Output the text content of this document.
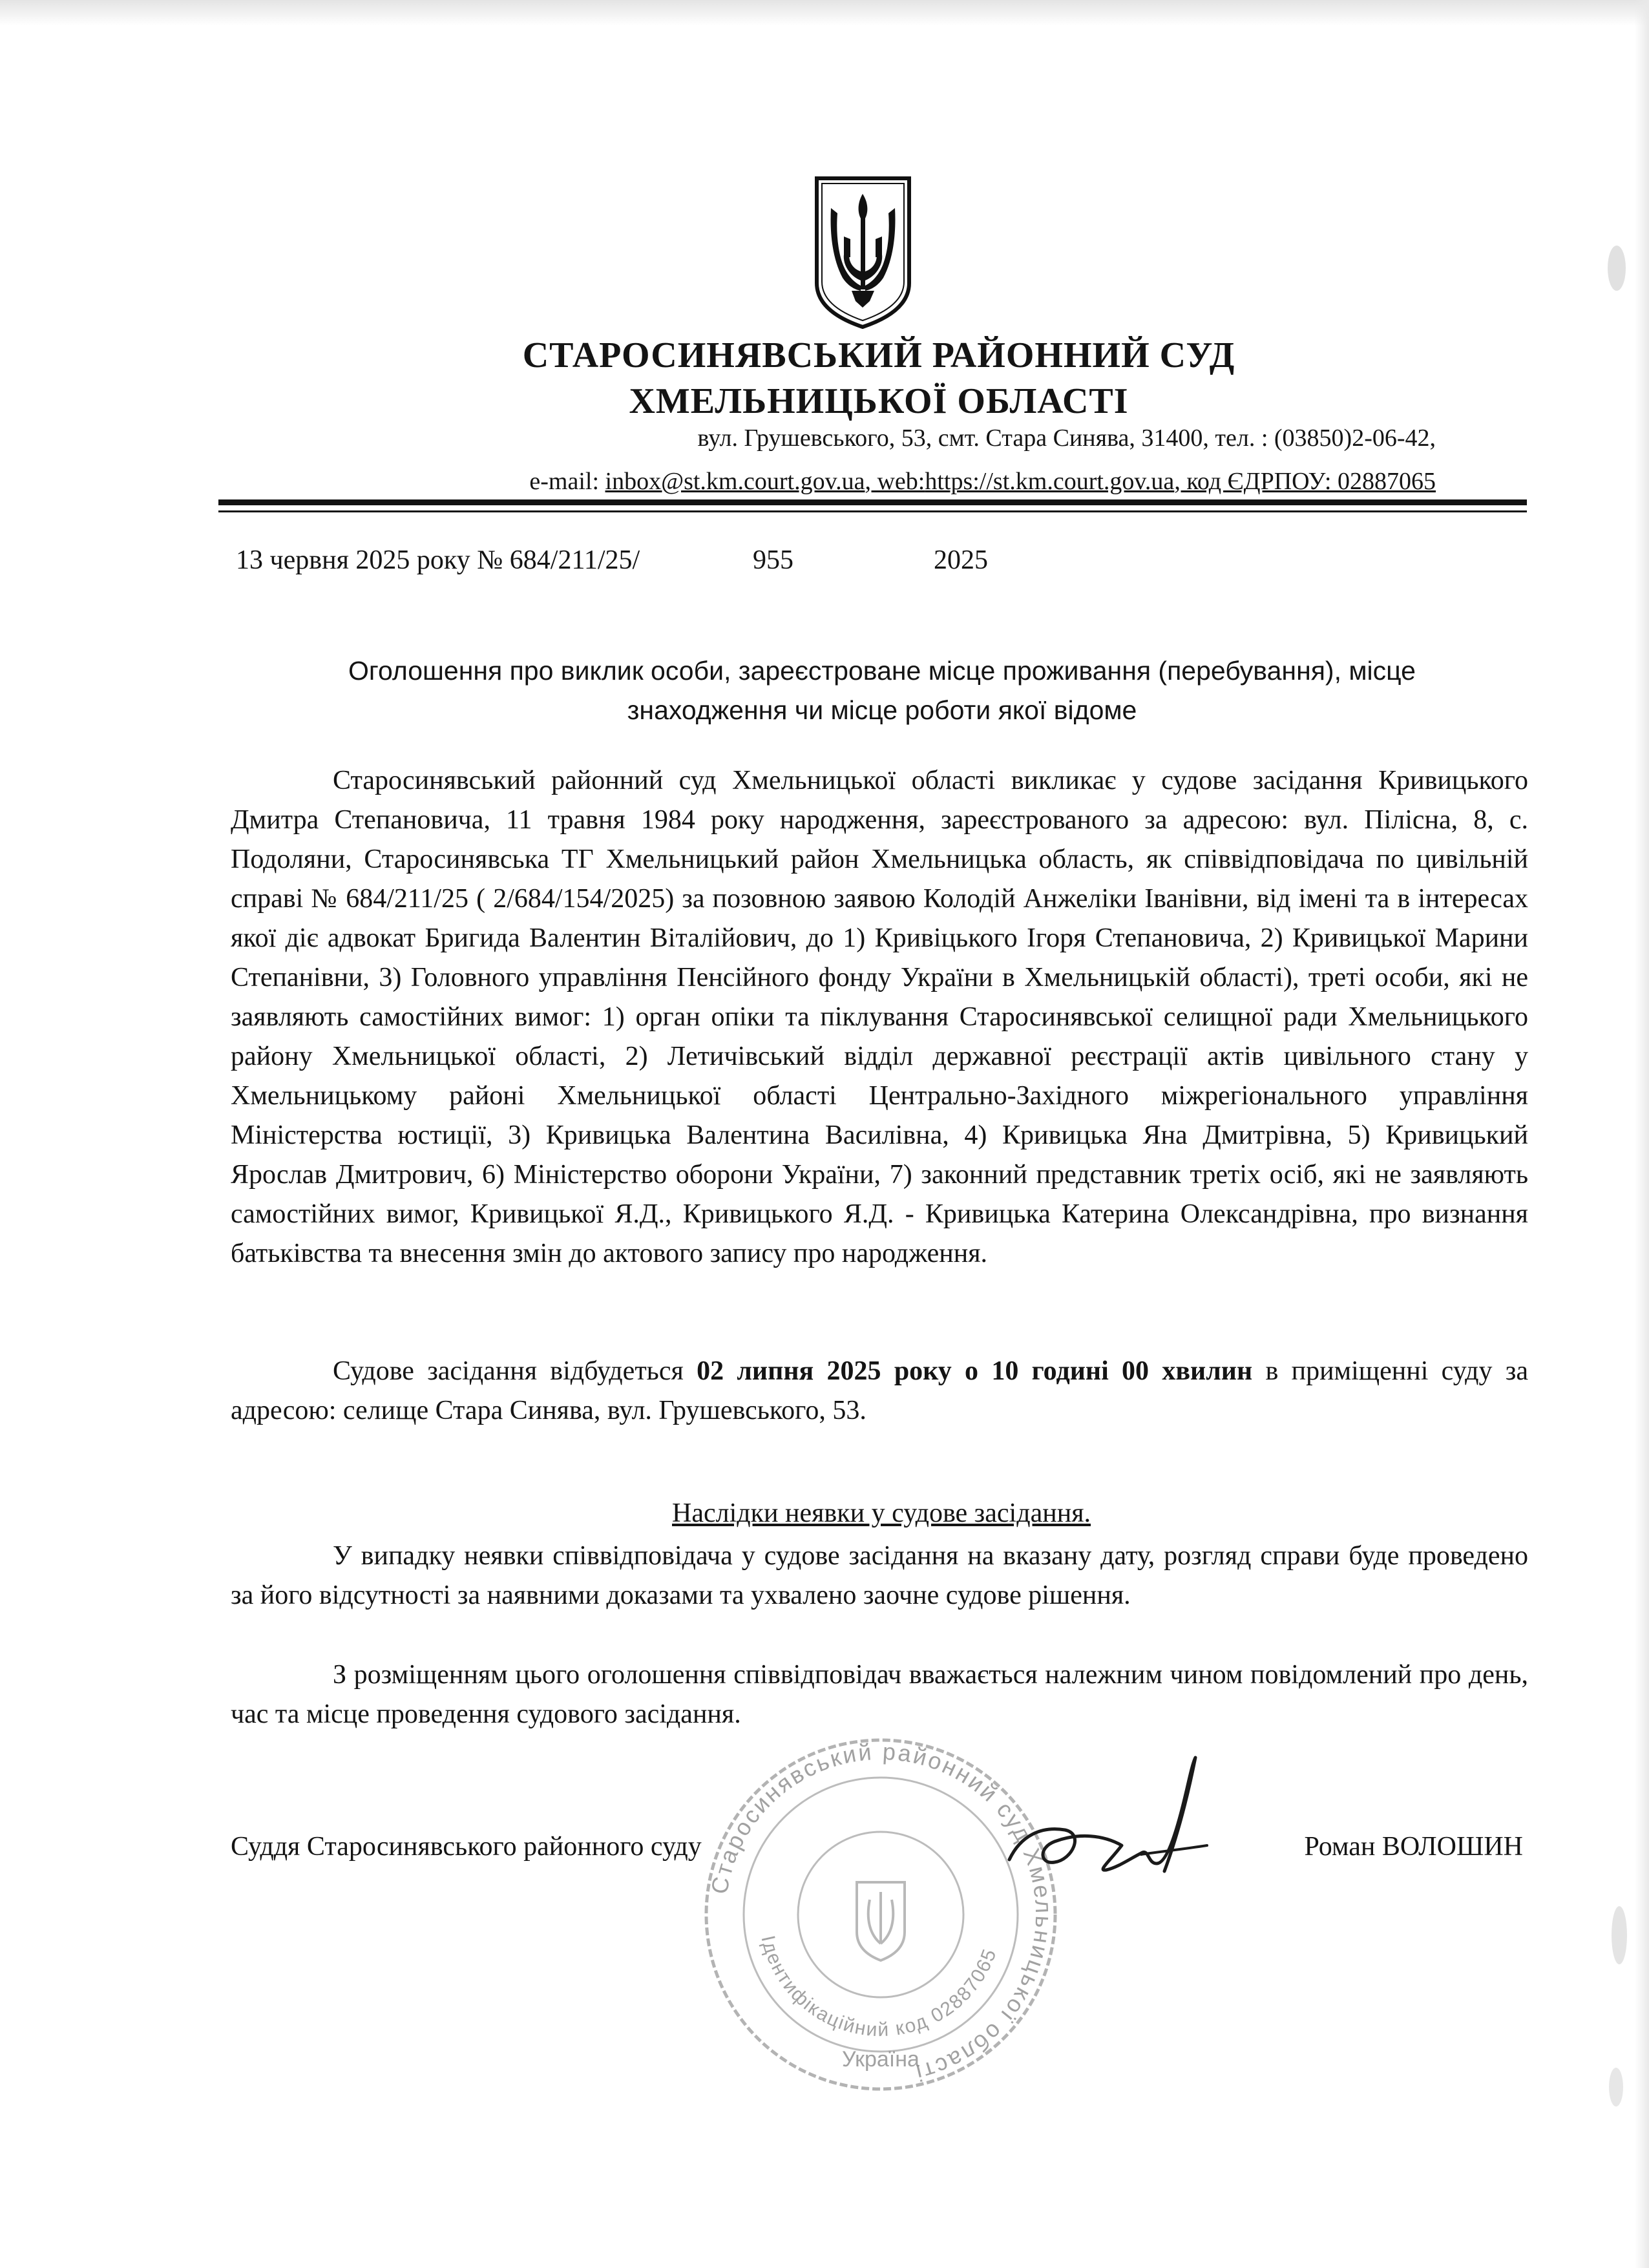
СТАРОСИНЯВСЬКИЙ РАЙОННИЙ СУД
ХМЕЛЬНИЦЬКОЇ ОБЛАСТІ
вул. Грушевського, 53, смт. Стара Синява, 31400, тел. : (03850)2-06-42,
e-mail: inbox@st.km.court.gov.ua, web:https://st.km.court.gov.ua, код ЄДРПОУ: 02887065
13 червня 2025 року № 684/211/25/	955	2025
Оголошення про виклик особи, зареєстроване місце проживання (перебування), місце
знаходження чи місце роботи якої відоме
Старосинявський районний суд Хмельницької області викликає у судове засідання Кривицького Дмитра Степановича, 11 травня 1984 року народження, зареєстрованого за адресою: вул. Пілісна, 8, с. Подоляни, Старосинявська ТГ Хмельницький район Хмельницька область, як співвідповідача по цивільній справі № 684/211/25 ( 2/684/154/2025) за позовною заявою Колодій Анжеліки Іванівни, від імені та в інтересах якої діє адвокат Бригида Валентин Віталійович, до 1) Кривіцького Ігоря Степановича, 2) Кривицької Марини Степанівни, 3) Головного управління Пенсійного фонду України в Хмельницькій області), треті особи, які не заявляють самостійних вимог: 1) орган опіки та піклування Старосинявської селищної ради Хмельницького району Хмельницької області, 2) Летичівський відділ державної реєстрації актів цивільного стану у Хмельницькому районі Хмельницької області Центрально-Західного міжрегіонального управління Міністерства юстиції, 3) Кривицька Валентина Василівна, 4) Кривицька Яна Дмитрівна, 5) Кривицький Ярослав Дмитрович, 6) Міністерство оборони України, 7) законний представник третіх осіб, які не заявляють самостійних вимог, Кривицької Я.Д., Кривицького Я.Д. - Кривицька Катерина Олександрівна, про визнання батьківства та внесення змін до актового запису про народження.
Судове засідання відбудеться 02 липня 2025 року о 10 годині 00 хвилин в приміщенні суду за адресою: селище Стара Синява, вул. Грушевського, 53.
Наслідки неявки у судове засідання.
У випадку неявки співвідповідача у судове засідання на вказану дату, розгляд справи буде проведено за його відсутності за наявними доказами та ухвалено заочне судове рішення.
З розміщенням цього оголошення співвідповідач вважається належним чином повідомлений про день, час та місце проведення судового засідання.
Старосинявський районний суд Хмельницької області
Ідентифікаційний код 02887065
Україна
Суддя Старосинявського районного суду	Роман ВОЛОШИН
